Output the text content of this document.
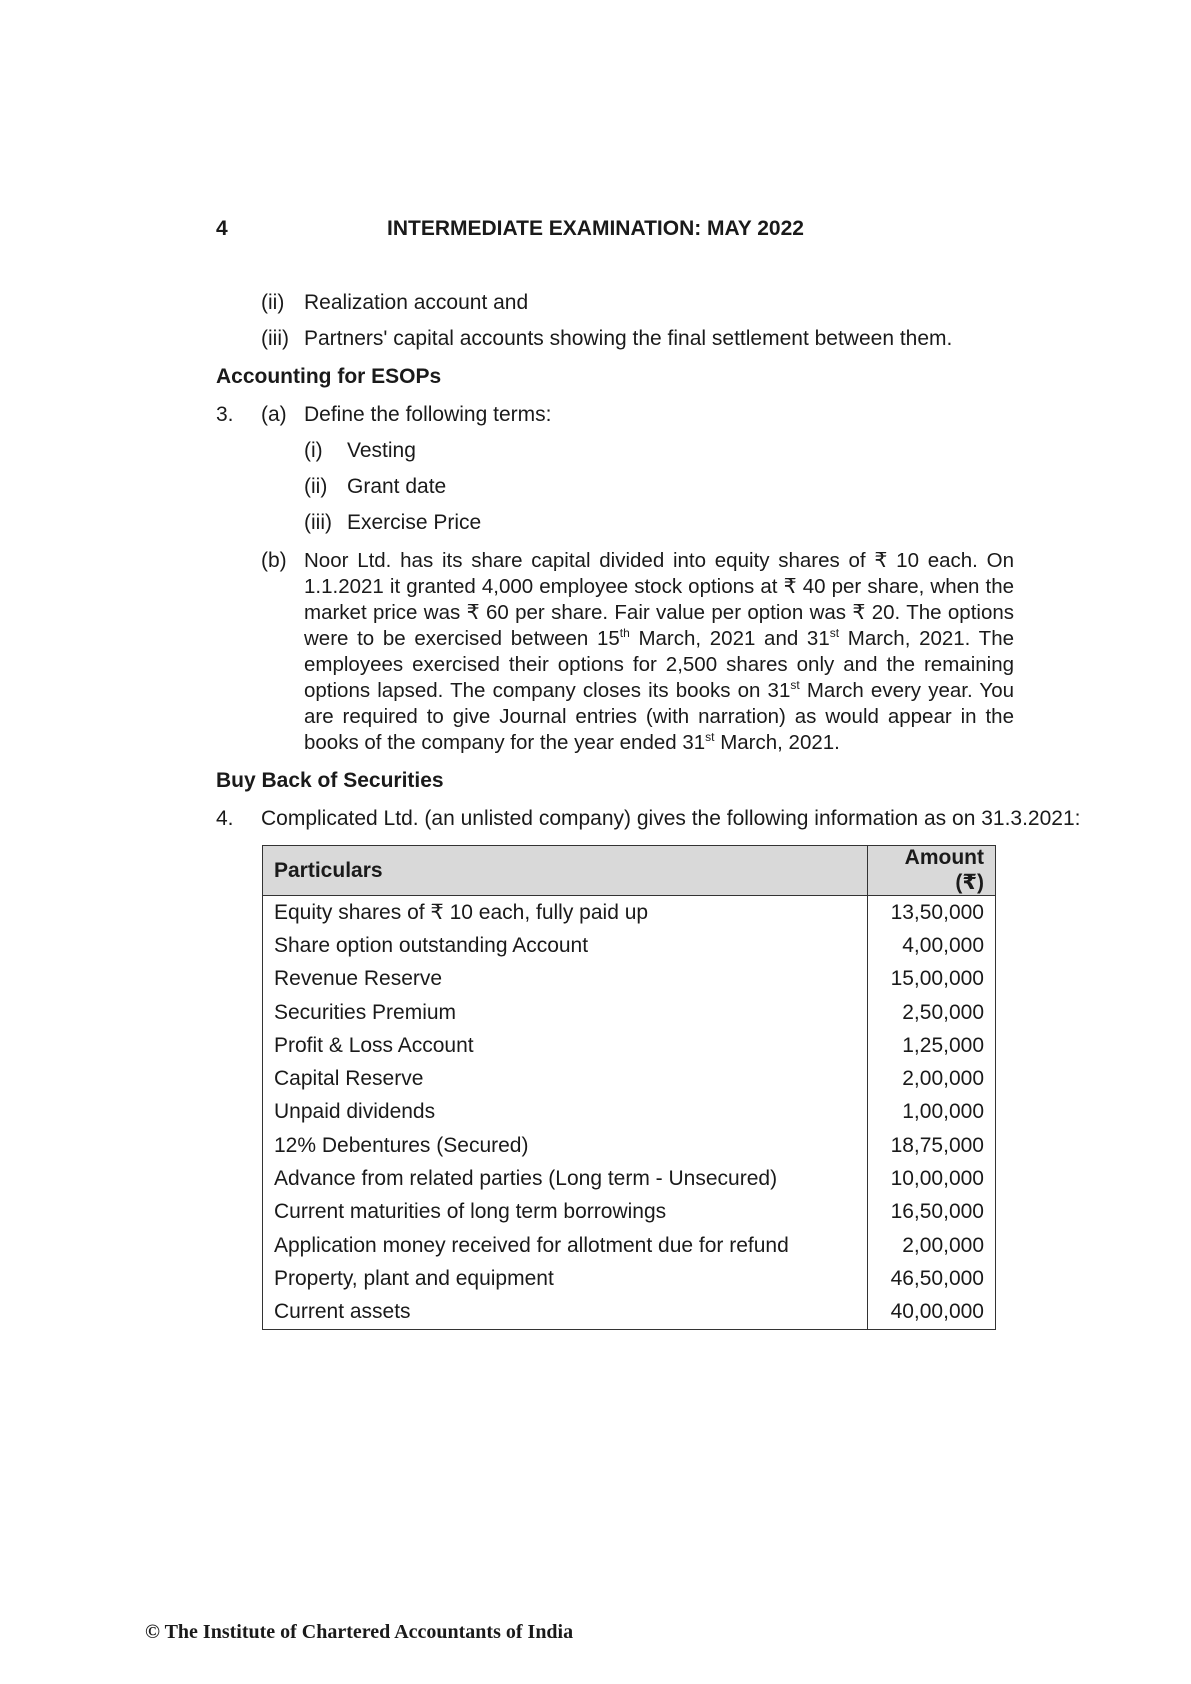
4	INTERMEDIATE EXAMINATION: MAY 2022
(ii) Realization account and
(iii) Partners' capital accounts showing the final settlement between them.
Accounting for ESOPs
3. (a) Define the following terms:
(i) Vesting
(ii) Grant date
(iii) Exercise Price
(b) Noor Ltd. has its share capital divided into equity shares of ₹ 10 each. On 1.1.2021 it granted 4,000 employee stock options at ₹ 40 per share, when the market price was ₹ 60 per share. Fair value per option was ₹ 20. The options were to be exercised between 15th March, 2021 and 31st March, 2021. The employees exercised their options for 2,500 shares only and the remaining options lapsed. The company closes its books on 31st March every year. You are required to give Journal entries (with narration) as would appear in the books of the company for the year ended 31st March, 2021.
Buy Back of Securities
4. Complicated Ltd. (an unlisted company) gives the following information as on 31.3.2021:
Particulars	Amount (₹)
Equity shares of ₹ 10 each, fully paid up	13,50,000
Share option outstanding Account	4,00,000
Revenue Reserve	15,00,000
Securities Premium	2,50,000
Profit & Loss Account	1,25,000
Capital Reserve	2,00,000
Unpaid dividends	1,00,000
12% Debentures (Secured)	18,75,000
Advance from related parties (Long term - Unsecured)	10,00,000
Current maturities of long term borrowings	16,50,000
Application money received for allotment due for refund	2,00,000
Property, plant and equipment	46,50,000
Current assets	40,00,000
© The Institute of Chartered Accountants of India
